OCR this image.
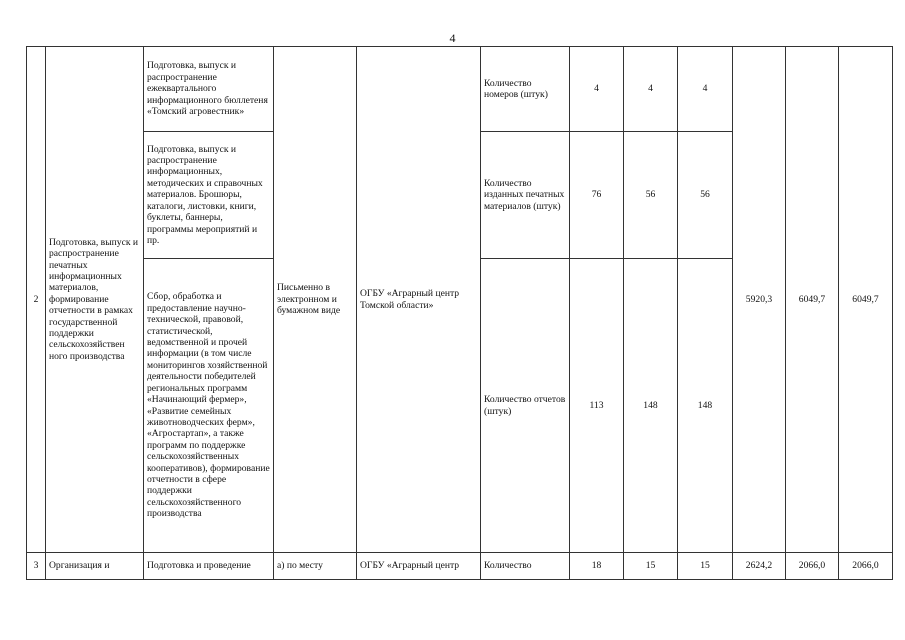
4
2	Подготовка, выпуск и распространение печатных информационных материалов, формирование отчетности в рамках государственной поддержки сельскохозяйствен ного производства	Подготовка, выпуск и распространение ежеквартального информационного бюллетеня «Томский агровестник»	Письменно в электронном и бумажном виде	ОГБУ «Аграрный центр Томской области»	Количество номеров (штук)	4	4	4	5920,3	6049,7	6049,7
		Подготовка, выпуск и распространение информационных, методических и справочных материалов. Брошюры, каталоги, листовки, книги, буклеты, баннеры, программы мероприятий и пр.			Количество изданных печатных материалов (штук)	76	56	56			
		Сбор, обработка и предоставление научно-технической, правовой, статистической, ведомственной и прочей информации (в том числе мониторингов хозяйственной деятельности победителей региональных программ «Начинающий фермер», «Развитие семейных животноводческих ферм», «Агростартап», а также программ по поддержке сельскохозяйственных кооперативов), формирование отчетности в сфере поддержки сельскохозяйственного производства			Количество отчетов (штук)	113	148	148			
3	Организация и	Подготовка и проведение	а) по месту	ОГБУ «Аграрный центр	Количество	18	15	15	2624,2	2066,0	2066,0
